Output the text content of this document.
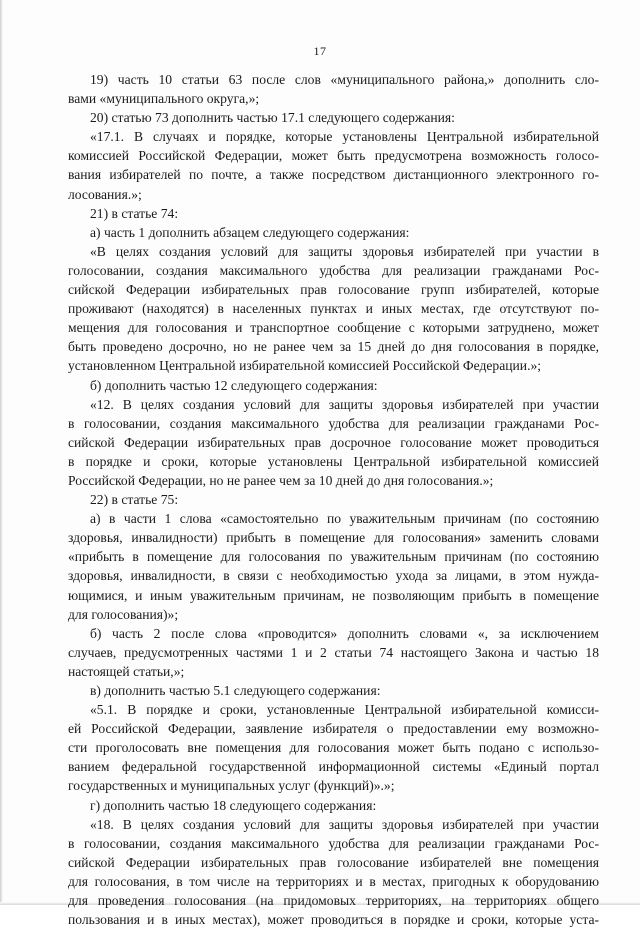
17
19) часть 10 статьи 63 после слов «муниципального района,» дополнить сло-
вами «муниципального округа,»;
20) статью 73 дополнить частью 17.1 следующего содержания:
«17.1. В случаях и порядке, которые установлены Центральной избирательной
комиссией Российской Федерации, может быть предусмотрена возможность голосо-
вания избирателей по почте, а также посредством дистанционного электронного го-
лосования.»;
21) в статье 74:
а) часть 1 дополнить абзацем следующего содержания:
«В целях создания условий для защиты здоровья избирателей при участии в
голосовании, создания максимального удобства для реализации гражданами Рос-
сийской Федерации избирательных прав голосование групп избирателей, которые
проживают (находятся) в населенных пунктах и иных местах, где отсутствуют по-
мещения для голосования и транспортное сообщение с которыми затруднено, может
быть проведено досрочно, но не ранее чем за 15 дней до дня голосования в порядке,
установленном Центральной избирательной комиссией Российской Федерации.»;
б) дополнить частью 12 следующего содержания:
«12. В целях создания условий для защиты здоровья избирателей при участии
в голосовании, создания максимального удобства для реализации гражданами Рос-
сийской Федерации избирательных прав досрочное голосование может проводиться
в порядке и сроки, которые установлены Центральной избирательной комиссией
Российской Федерации, но не ранее чем за 10 дней до дня голосования.»;
22) в статье 75:
а) в части 1 слова «самостоятельно по уважительным причинам (по состоянию
здоровья, инвалидности) прибыть в помещение для голосования» заменить словами
«прибыть в помещение для голосования по уважительным причинам (по состоянию
здоровья, инвалидности, в связи с необходимостью ухода за лицами, в этом нужда-
ющимися, и иным уважительным причинам, не позволяющим прибыть в помещение
для голосования)»;
б) часть 2 после слова «проводится» дополнить словами «, за исключением
случаев, предусмотренных частями 1 и 2 статьи 74 настоящего Закона и частью 18
настоящей статьи,»;
в) дополнить частью 5.1 следующего содержания:
«5.1. В порядке и сроки, установленные Центральной избирательной комисси-
ей Российской Федерации, заявление избирателя о предоставлении ему возможно-
сти проголосовать вне помещения для голосования может быть подано с использо-
ванием федеральной государственной информационной системы «Единый портал
государственных и муниципальных услуг (функций)».»;
г) дополнить частью 18 следующего содержания:
«18. В целях создания условий для защиты здоровья избирателей при участии
в голосовании, создания максимального удобства для реализации гражданами Рос-
сийской Федерации избирательных прав голосование избирателей вне помещения
для голосования, в том числе на территориях и в местах, пригодных к оборудованию
для проведения голосования (на придомовых территориях, на территориях общего
пользования и в иных местах), может проводиться в порядке и сроки, которые уста-
